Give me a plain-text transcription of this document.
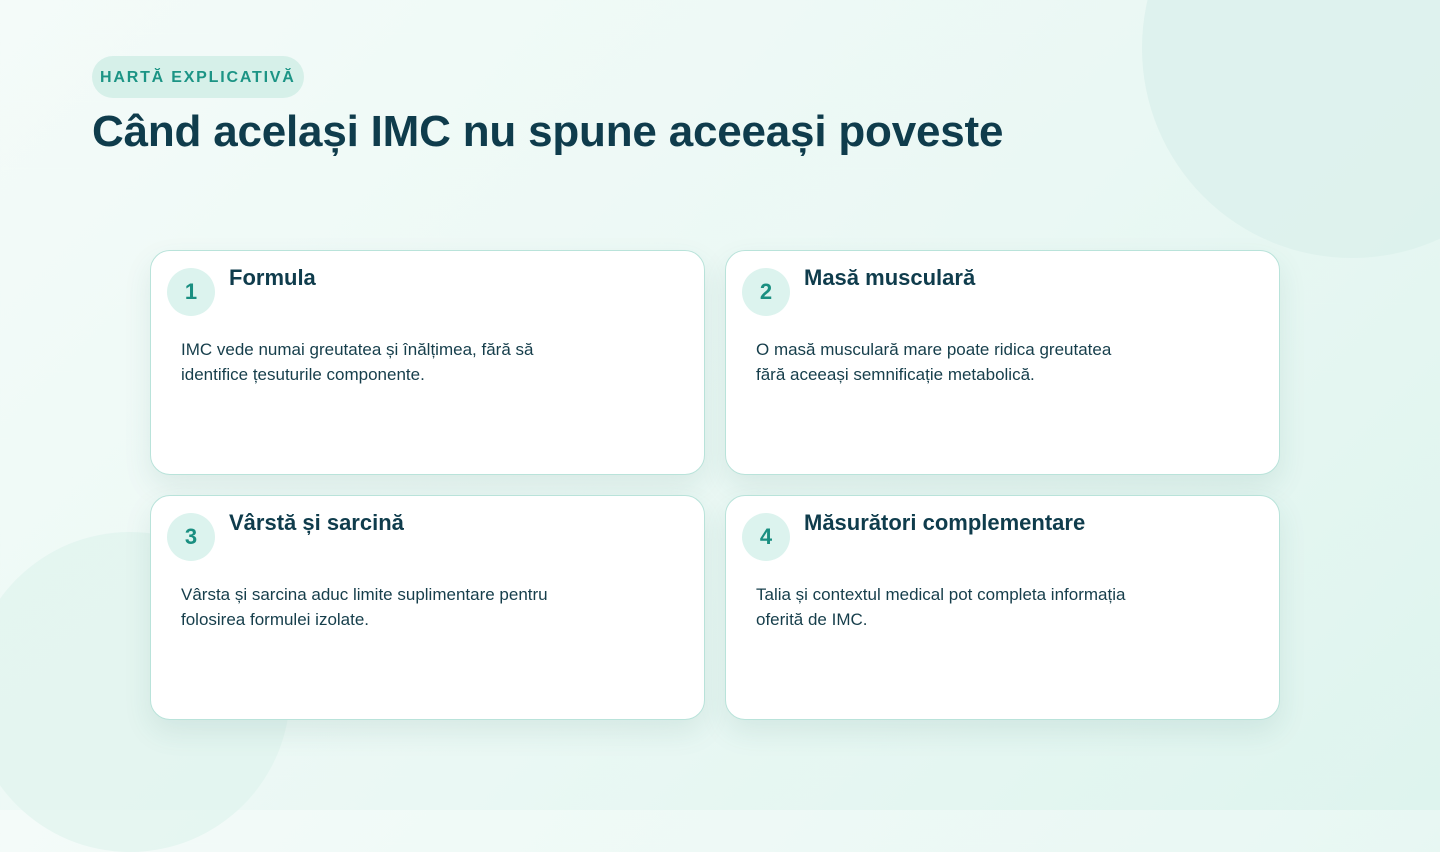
HARTĂ EXPLICATIVĂ
Când același IMC nu spune aceeași poveste
1
Formula

IMC vede numai greutatea și înălțimea, fără să identifice țesuturile componente.

2
Masă musculară

O masă musculară mare poate ridica greutatea fără aceeași semnificație metabolică.

3
Vârstă și sarcină

Vârsta și sarcina aduc limite suplimentare pentru folosirea formulei izolate.

4
Măsurători complementare

Talia și contextul medical pot completa informația oferită de IMC.
